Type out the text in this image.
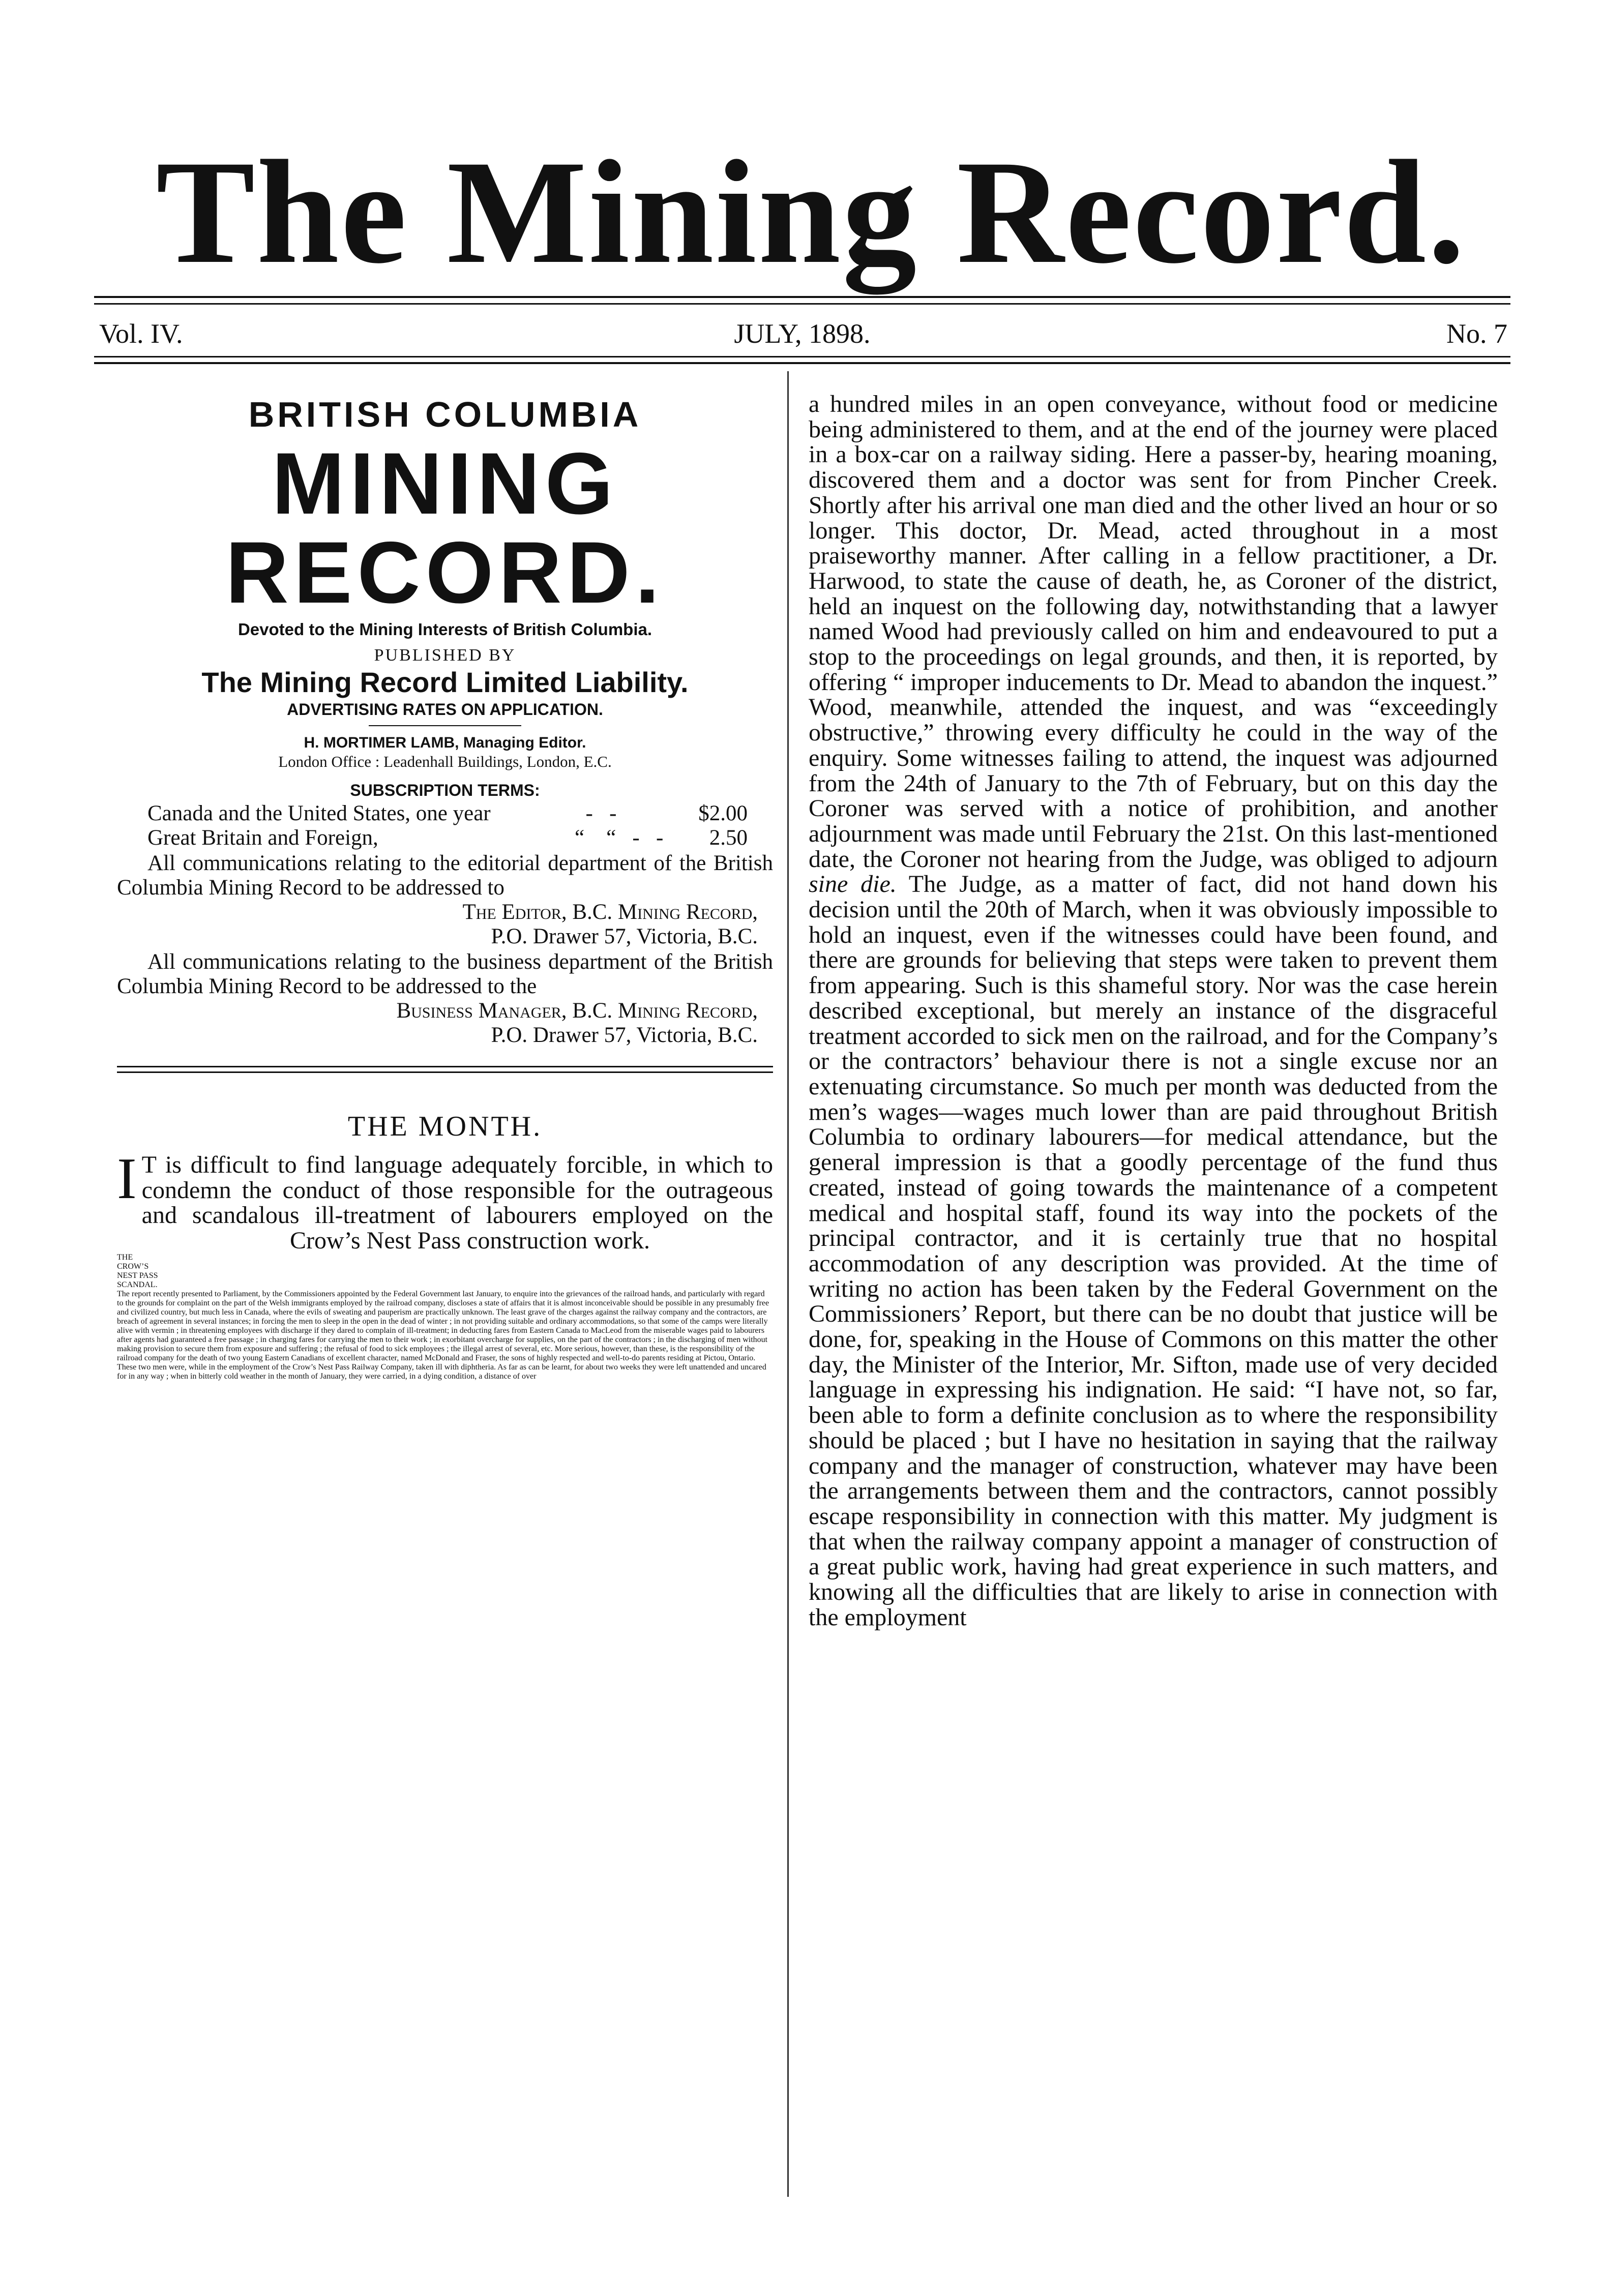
The Mining Record.
JULY, 1898.
Vol. IV.	No. 7
BRITISH COLUMBIA
MINING RECORD.
Devoted to the Mining Interests of British Columbia.
PUBLISHED BY
The Mining Record Limited Liability.
ADVERTISING RATES ON APPLICATION.
H. MORTIMER LAMB, Managing Editor.
London Office : Leadenhall Buildings, London, E.C.
SUBSCRIPTION TERMS:
Canada and the United States, one year	-   -	$2.00
Great Britain and Foreign,	“    “   -   -	2.50
All communications relating to the editorial department of the British Columbia Mining Record to be addressed to
The Editor, B.C. Mining Record,
P.O. Drawer 57, Victoria, B.C.
All communications relating to the business department of the British Columbia Mining Record to be addressed to the
Business Manager, B.C. Mining Record,
P.O. Drawer 57, Victoria, B.C.
THE MONTH.

I T is difficult to find language adequately forcible, in which to condemn the conduct of those responsible for the outrageous and scandalous ill-treatment of labourers employed on the Crow’s Nest Pass construction work.

THE
CROW’S
NEST PASS
SCANDAL.
The report recently presented to Parliament, by the Commissioners appointed by the Federal Government last January, to enquire into the grievances of the railroad hands, and particularly with regard to the grounds for complaint on the part of the Welsh immigrants employed by the railroad company, discloses a state of affairs that it is almost inconceivable should be possible in any presumably free and civilized country, but much less in Canada, where the evils of sweating and pauperism are practically unknown. The least grave of the charges against the railway company and the contractors, are breach of agreement in several instances; in forcing the men to sleep in the open in the dead of winter ; in not providing suitable and ordinary accommodations, so that some of the camps were literally alive with vermin ; in threatening employees with discharge if they dared to complain of ill-treatment; in deducting fares from Eastern Canada to MacLeod from the miserable wages paid to labourers after agents had guaranteed a free passage ; in charging fares for carrying the men to their work ; in exorbitant overcharge for supplies, on the part of the contractors ; in the discharging of men without making provision to secure them from exposure and suffering ; the refusal of food to sick employees ; the illegal arrest of several, etc. More serious, however, than these, is the responsibility of the railroad company for the death of two young Eastern Canadians of excellent character, named McDonald and Fraser, the sons of highly respected and well-to-do parents residing at Pictou, Ontario. These two men were, while in the employment of the Crow’s Nest Pass Railway Company, taken ill with diphtheria. As far as can be learnt, for about two weeks they were left unattended and uncared for in any way ; when in bitterly cold weather in the month of January, they were carried, in a dying condition, a distance of over

a hundred miles in an open conveyance, without food or medicine being administered to them, and at the end of the journey were placed in a box-car on a railway siding. Here a passer-by, hearing moaning, discovered them and a doctor was sent for from Pincher Creek. Shortly after his arrival one man died and the other lived an hour or so longer. This doctor, Dr. Mead, acted throughout in a most praiseworthy manner. After calling in a fellow practitioner, a Dr. Harwood, to state the cause of death, he, as Coroner of the district, held an inquest on the following day, notwithstanding that a lawyer named Wood had previously called on him and endeavoured to put a stop to the proceedings on legal grounds, and then, it is reported, by offering “ improper inducements to Dr. Mead to abandon the inquest.” Wood, meanwhile, attended the inquest, and was “exceedingly obstructive,” throwing every difficulty he could in the way of the enquiry. Some witnesses failing to attend, the inquest was adjourned from the 24th of January to the 7th of February, but on this day the Coroner was served with a notice of prohibition, and another adjournment was made until February the 21st. On this last-mentioned date, the Coroner not hearing from the Judge, was obliged to adjourn sine die. The Judge, as a matter of fact, did not hand down his decision until the 20th of March, when it was obviously impossible to hold an inquest, even if the witnesses could have been found, and there are grounds for believing that steps were taken to prevent them from appearing. Such is this shameful story. Nor was the case herein described exceptional, but merely an instance of the disgraceful treatment accorded to sick men on the railroad, and for the Company’s or the contractors’ behaviour there is not a single excuse nor an extenuating circumstance. So much per month was deducted from the men’s wages—wages much lower than are paid throughout British Columbia to ordinary labourers—for medical attendance, but the general impression is that a goodly percentage of the fund thus created, instead of going towards the maintenance of a competent medical and hospital staff, found its way into the pockets of the principal contractor, and it is certainly true that no hospital accommodation of any description was provided. At the time of writing no action has been taken by the Federal Government on the Commissioners’ Report, but there can be no doubt that justice will be done, for, speaking in the House of Commons on this matter the other day, the Minister of the Interior, Mr. Sifton, made use of very decided language in expressing his indignation. He said: “I have not, so far, been able to form a definite conclusion as to where the responsibility should be placed ; but I have no hesitation in saying that the railway company and the manager of construction, whatever may have been the arrangements between them and the contractors, cannot possibly escape responsibility in connection with this matter. My judgment is that when the railway company appoint a manager of construction of a great public work, having had great experience in such matters, and knowing all the difficulties that are likely to arise in connection with the employment
